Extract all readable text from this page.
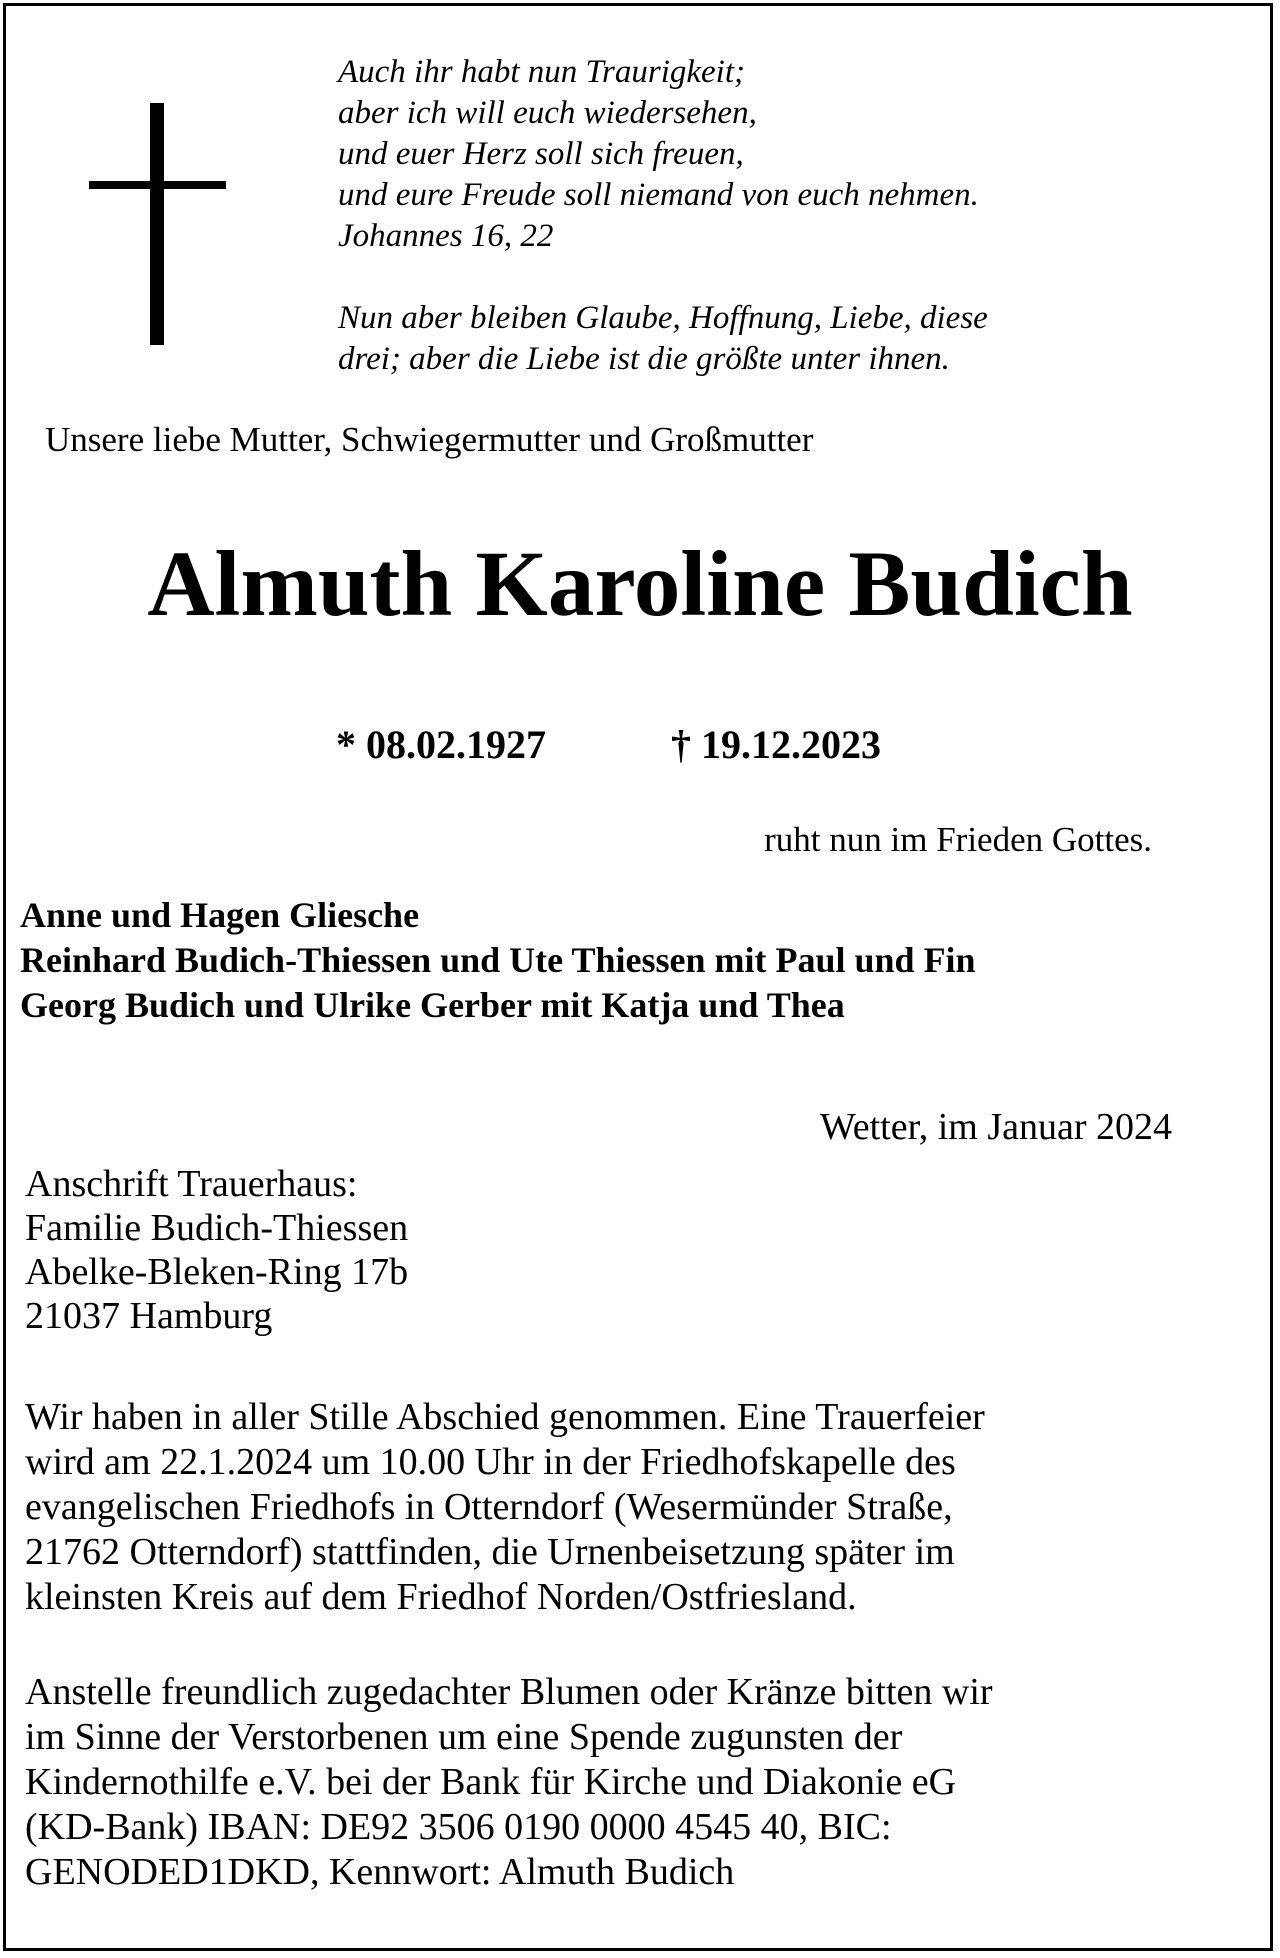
Auch ihr habt nun Traurigkeit;
aber ich will euch wiedersehen,
und euer Herz soll sich freuen,
und eure Freude soll niemand von euch nehmen.
Johannes 16, 22
Nun aber bleiben Glaube, Hoffnung, Liebe, diese
drei; aber die Liebe ist die größte unter ihnen.
Unsere liebe Mutter, Schwiegermutter und Großmutter
Almuth Karoline Budich
* 08.02.1927	† 19.12.2023
ruht nun im Frieden Gottes.
Anne und Hagen Gliesche
Reinhard Budich-Thiessen und Ute Thiessen mit Paul und Fin
Georg Budich und Ulrike Gerber mit Katja und Thea
Wetter, im Januar 2024
Anschrift Trauerhaus:
Familie Budich-Thiessen
Abelke-Bleken-Ring 17b
21037 Hamburg
Wir haben in aller Stille Abschied genommen. Eine Trauerfeier
wird am 22.1.2024 um 10.00 Uhr in der Friedhofskapelle des
evangelischen Friedhofs in Otterndorf (Wesermünder Straße,
21762 Otterndorf) stattfinden, die Urnenbeisetzung später im
kleinsten Kreis auf dem Friedhof Norden/Ostfriesland.
Anstelle freundlich zugedachter Blumen oder Kränze bitten wir
im Sinne der Verstorbenen um eine Spende zugunsten der
Kindernothilfe e.V. bei der Bank für Kirche und Diakonie eG
(KD-Bank) IBAN: DE92 3506 0190 0000 4545 40, BIC:
GENODED1DKD, Kennwort: Almuth Budich
